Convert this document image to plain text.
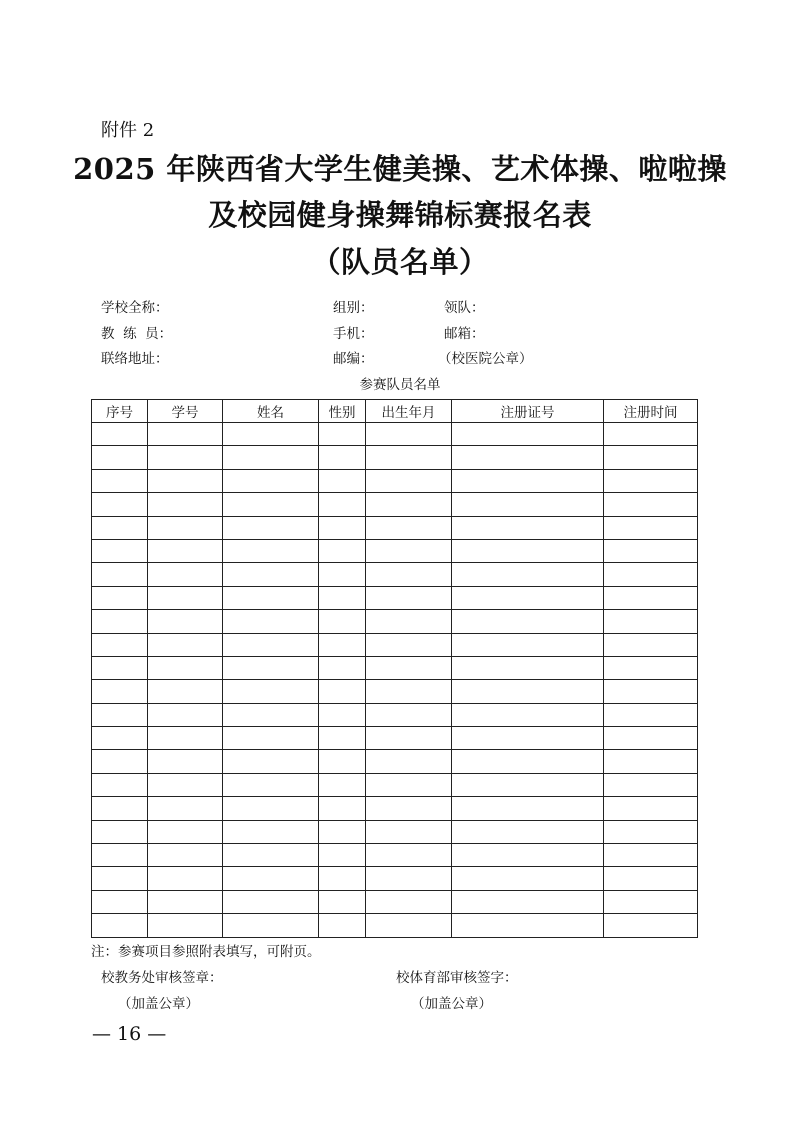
附件 2
2025 年陕西省大学生健美操、艺术体操、啦啦操
及校园健身操舞锦标赛报名表
（队员名单）
学校全称：	组别：	领队：
教  练  员：	手机：	邮箱：
联络地址：	邮编：	（校医院公章）
参赛队员名单
序号	学号	姓名	性别	出生年月	注册证号	注册时间

注：参赛项目参照附表填写，可附页。
校教务处审核签章：
（加盖公章）
校体育部审核签字：
（加盖公章）
— 16 —
